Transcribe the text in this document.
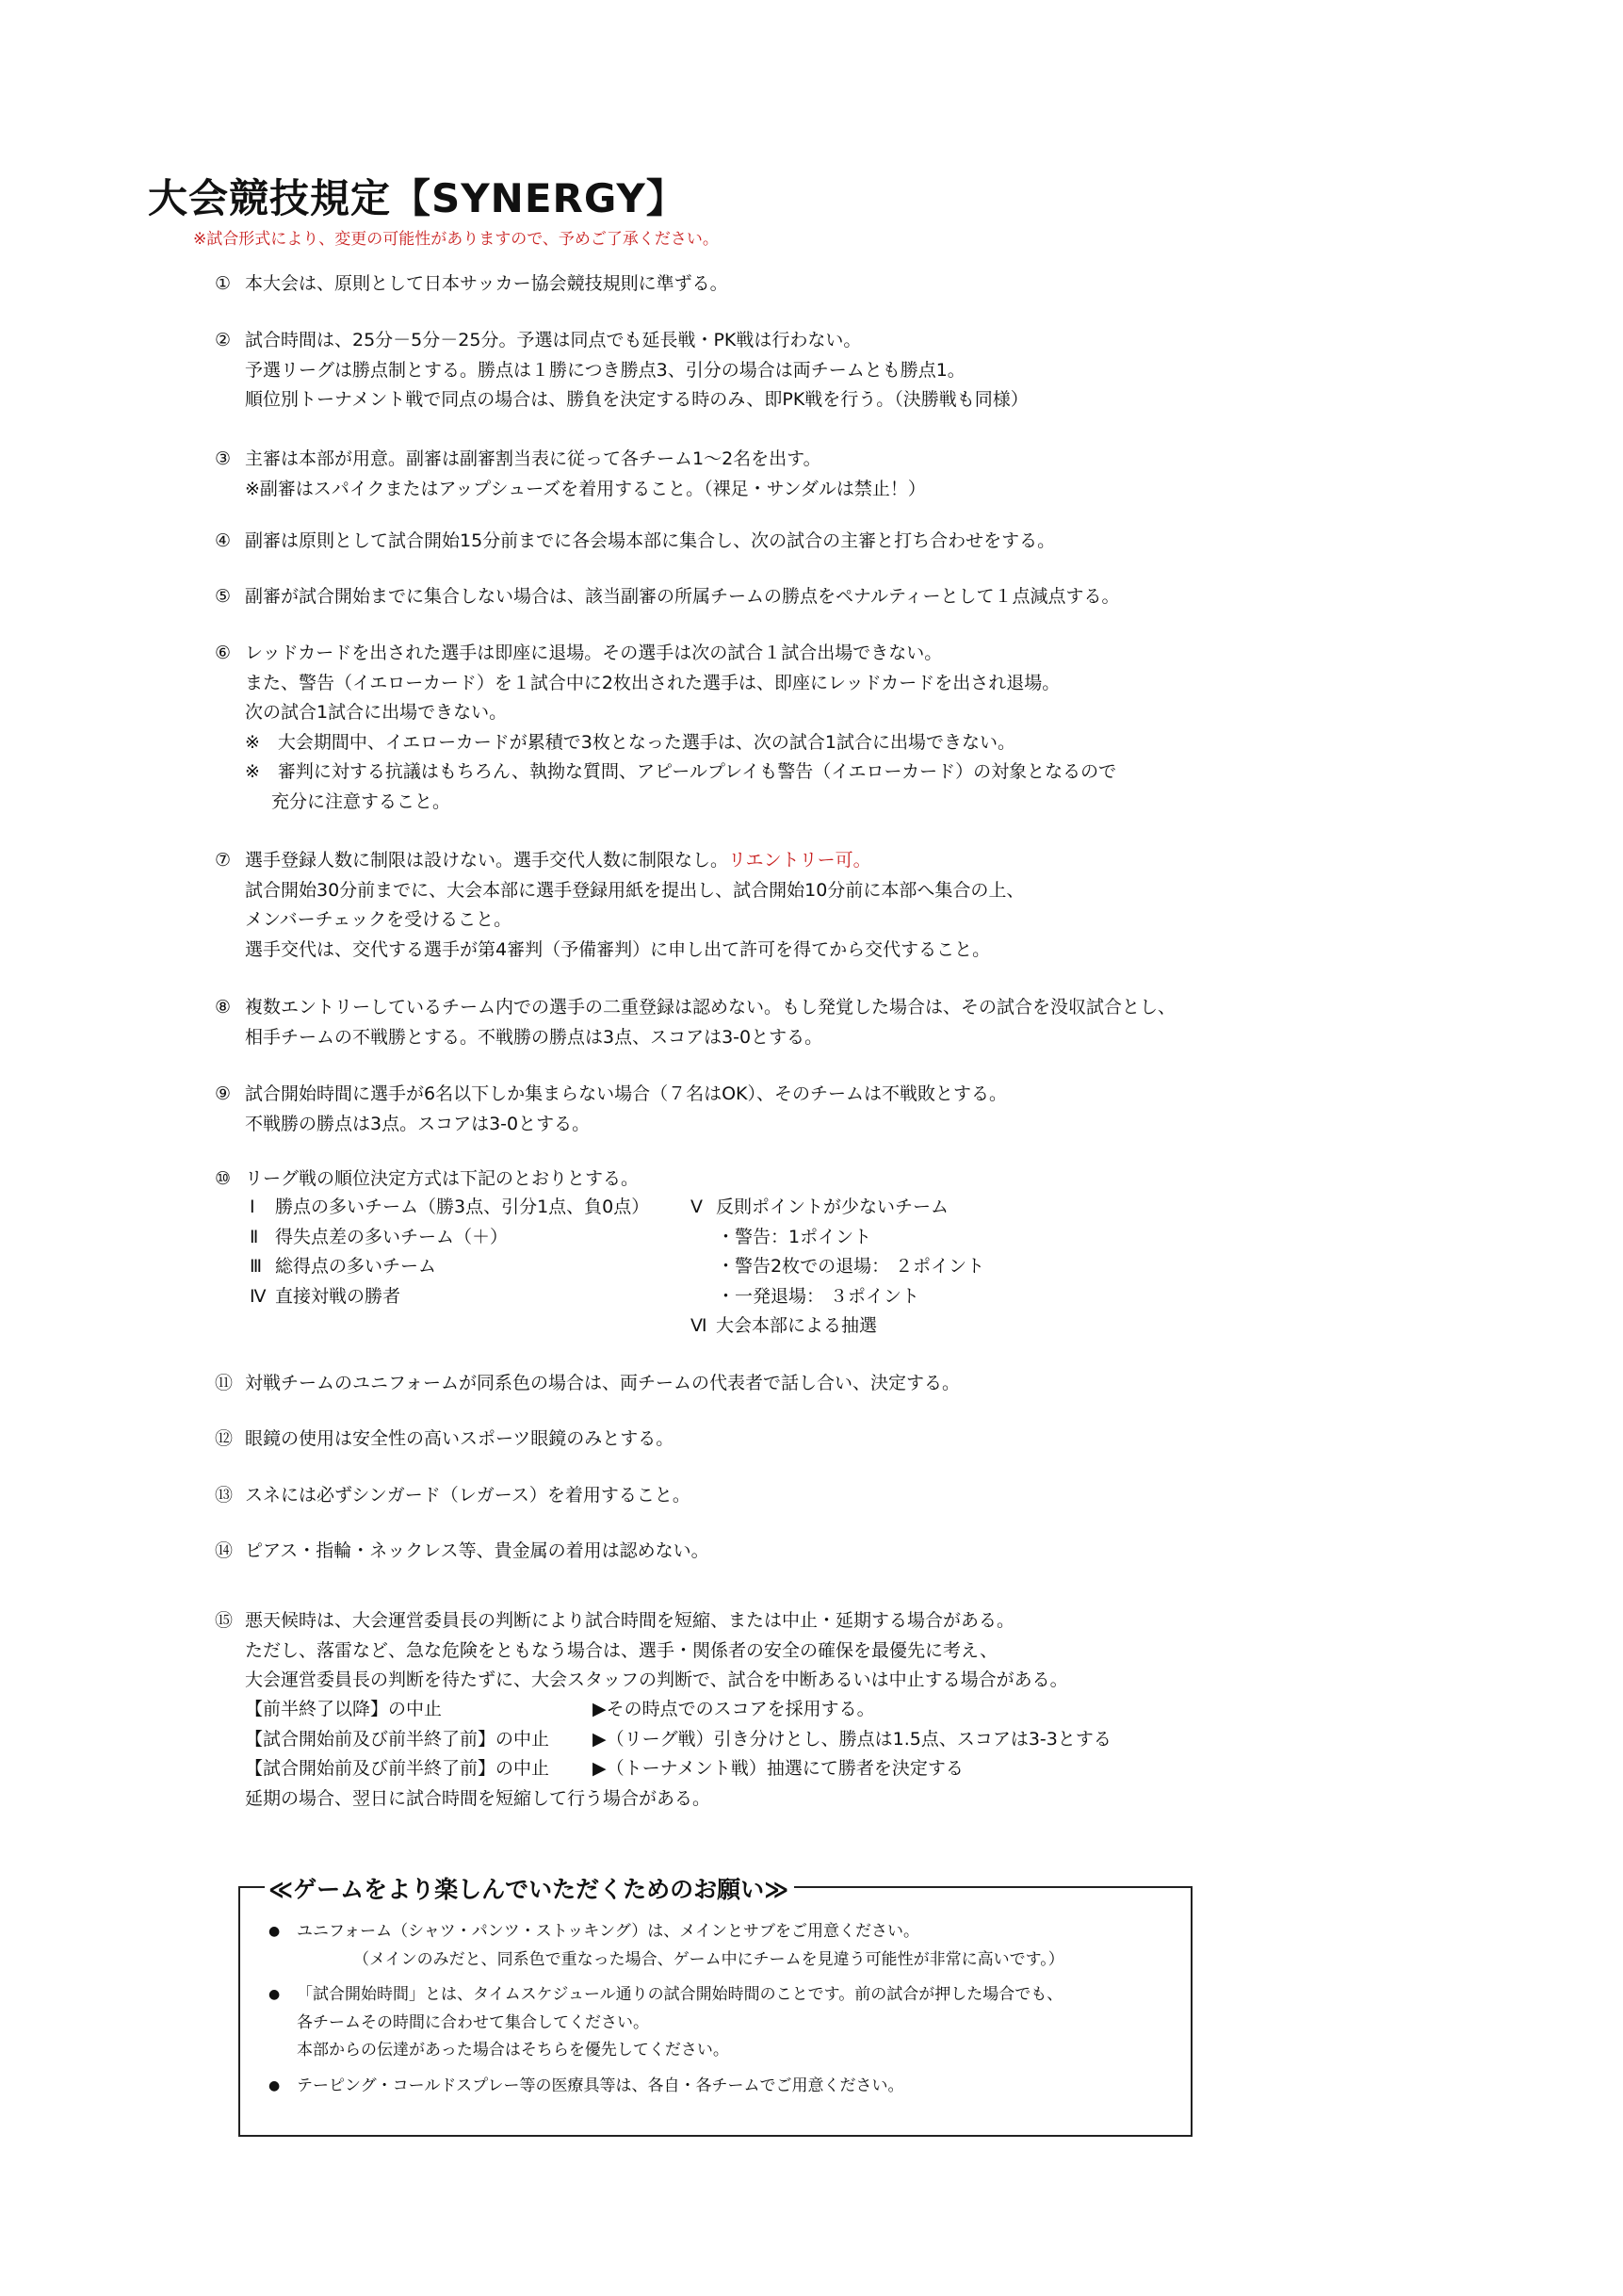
大会競技規定【SYNERGY】
※試合形式により、変更の可能性がありますので、予めご了承ください。
① 本大会は、原則として日本サッカー協会競技規則に準ずる。
② 試合時間は、25分－5分－25分。予選は同点でも延長戦・PK戦は行わない。
予選リーグは勝点制とする。勝点は１勝につき勝点3、引分の場合は両チームとも勝点1。
順位別トーナメント戦で同点の場合は、勝負を決定する時のみ、即PK戦を行う。（決勝戦も同様）
③ 主審は本部が用意。副審は副審割当表に従って各チーム1～2名を出す。
※副審はスパイクまたはアップシューズを着用すること。（裸足・サンダルは禁止！）
④ 副審は原則として試合開始15分前までに各会場本部に集合し、次の試合の主審と打ち合わせをする。
⑤ 副審が試合開始までに集合しない場合は、該当副審の所属チームの勝点をペナルティーとして１点減点する。
⑥ レッドカードを出された選手は即座に退場。その選手は次の試合１試合出場できない。
また、警告（イエローカード）を１試合中に2枚出された選手は、即座にレッドカードを出され退場。
次の試合1試合に出場できない。
※　大会期間中、イエローカードが累積で3枚となった選手は、次の試合1試合に出場できない。
※　審判に対する抗議はもちろん、執拗な質問、アピールプレイも警告（イエローカード）の対象となるので
充分に注意すること。
⑦ 選手登録人数に制限は設けない。選手交代人数に制限なし。リエントリー可。
試合開始30分前までに、大会本部に選手登録用紙を提出し、試合開始10分前に本部へ集合の上、
メンバーチェックを受けること。
選手交代は、交代する選手が第4審判（予備審判）に申し出て許可を得てから交代すること。
⑧ 複数エントリーしているチーム内での選手の二重登録は認めない。もし発覚した場合は、その試合を没収試合とし、
相手チームの不戦勝とする。不戦勝の勝点は3点、スコアは3-0とする。
⑨ 試合開始時間に選手が6名以下しか集まらない場合（７名はOK）、そのチームは不戦敗とする。
不戦勝の勝点は3点。スコアは3-0とする。
⑩ リーグ戦の順位決定方式は下記のとおりとする。
Ⅰ 勝点の多いチーム（勝3点、引分1点、負0点）
Ⅱ 得失点差の多いチーム（＋）
Ⅲ 総得点の多いチーム
Ⅳ 直接対戦の勝者
Ⅴ 反則ポイントが少ないチーム
・警告：1ポイント
・警告2枚での退場： ２ポイント
・一発退場： ３ポイント
Ⅵ 大会本部による抽選
⑪ 対戦チームのユニフォームが同系色の場合は、両チームの代表者で話し合い、決定する。
⑫ 眼鏡の使用は安全性の高いスポーツ眼鏡のみとする。
⑬ スネには必ずシンガード（レガース）を着用すること。
⑭ ピアス・指輪・ネックレス等、貴金属の着用は認めない。
⑮ 悪天候時は、大会運営委員長の判断により試合時間を短縮、または中止・延期する場合がある。
ただし、落雷など、急な危険をともなう場合は、選手・関係者の安全の確保を最優先に考え、
大会運営委員長の判断を待たずに、大会スタッフの判断で、試合を中断あるいは中止する場合がある。
【前半終了以降】の中止	▶その時点でのスコアを採用する。
【試合開始前及び前半終了前】の中止 ▶（リーグ戦）引き分けとし、勝点は1.5点、スコアは3-3とする
【試合開始前及び前半終了前】の中止 ▶（トーナメント戦）抽選にて勝者を決定する
延期の場合、翌日に試合時間を短縮して行う場合がある。
≪ゲームをより楽しんでいただくためのお願い≫
● ユニフォーム（シャツ・パンツ・ストッキング）は、メインとサブをご用意ください。
（メインのみだと、同系色で重なった場合、ゲーム中にチームを見違う可能性が非常に高いです。）
● 「試合開始時間」とは、タイムスケジュール通りの試合開始時間のことです。前の試合が押した場合でも、
各チームその時間に合わせて集合してください。
本部からの伝達があった場合はそちらを優先してください。
● テーピング・コールドスプレー等の医療具等は、各自・各チームでご用意ください。
